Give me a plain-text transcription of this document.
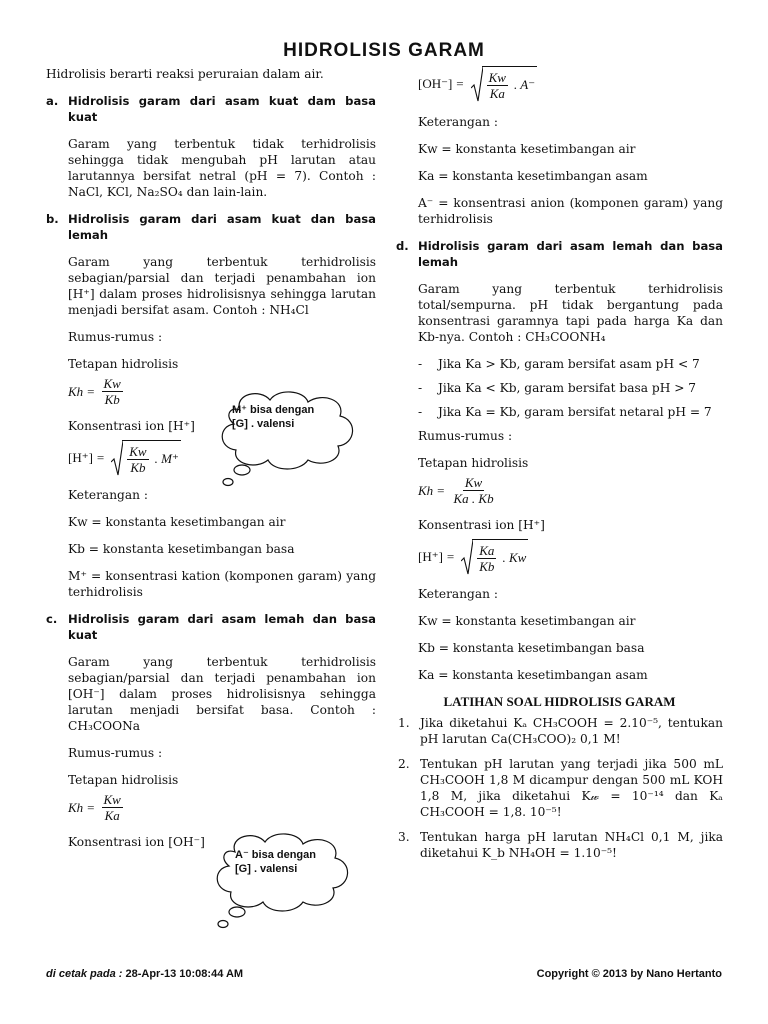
HIDROLISIS GARAM

Hidrolisis berarti reaksi peruraian dalam air.

a. Hidrolisis garam dari asam kuat dam basa kuat

Garam yang terbentuk tidak terhidrolisis sehingga tidak mengubah pH larutan atau larutannya bersifat netral (pH = 7). Contoh : NaCl, KCl, Na₂SO₄ dan lain-lain.

b. Hidrolisis garam dari asam kuat dan basa lemah

Garam yang terbentuk terhidrolisis sebagian/parsial dan terjadi penambahan ion [H⁺] dalam proses hidrolisisnya sehingga larutan menjadi bersifat asam. Contoh : NH₄Cl

Rumus-rumus :

Tetapan hidrolisis

$Kh = \frac{Kw}{Kb}$

Konsentrasi ion [H⁺]

$[H^+] = \frac{Kw}{Kb}$ . M⁺

Keterangan :

Kw = konstanta kesetimbangan air

Kb = konstanta kesetimbangan basa

M⁺ = konsentrasi kation (komponen garam) yang terhidrolisis

c. Hidrolisis garam dari asam lemah dan basa kuat

Garam yang terbentuk terhidrolisis sebagian/parsial dan terjadi penambahan ion [OH⁻] dalam proses hidrolisisnya sehingga larutan menjadi bersifat basa. Contoh : CH₃COONa

Rumus-rumus :

Tetapan hidrolisis

$Kh = \frac{Kw}{Ka}$

Konsentrasi ion [OH⁻]

$[OH^-] = \frac{Kw}{Ka}$ . A⁻

Keterangan :

Kw = konstanta kesetimbangan air

Ka = konstanta kesetimbangan asam

A⁻ = konsentrasi anion (komponen garam) yang terhidrolisis

d. Hidrolisis garam dari asam lemah dan basa lemah

Garam yang terbentuk terhidrolisis total/sempurna. pH tidak bergantung pada konsentrasi garamnya tapi pada harga Ka dan Kb-nya. Contoh : CH₃COONH₄

-	Jika Ka > Kb, garam bersifat asam pH < 7
-	Jika Ka < Kb, garam bersifat basa pH > 7
-	Jika Ka = Kb, garam bersifat netaral pH = 7

Rumus-rumus :

Tetapan hidrolisis

$Kh = \frac{Kw}{Ka . Kb}$

Konsentrasi ion [H⁺]

$[H^+] = \frac{Ka}{Kb}$ . Kw

Keterangan :

Kw = konstanta kesetimbangan air

Kb = konstanta kesetimbangan basa

Ka = konstanta kesetimbangan asam

LATIHAN SOAL HIDROLISIS GARAM
1. Jika diketahui Kₐ CH₃COOH = 2.10⁻⁵, tentukan pH larutan Ca(CH₃COO)₂ 0,1 M!
2. Tentukan pH larutan yang terjadi jika 500 mL CH₃COOH 1,8 M dicampur dengan 500 mL KOH 1,8 M, jika diketahui K𝓌 = 10⁻¹⁴ dan Kₐ CH₃COOH = 1,8. 10⁻⁵!
3. Tentukan harga pH larutan NH₄Cl 0,1 M, jika diketahui K_b NH₄OH = 1.10⁻⁵!
M⁺ bisa dengan
[G] . valensi
A⁻ bisa dengan
[G] . valensi
di cetak pada : 28-Apr-13 10:08:44 AM	Copyright © 2013 by Nano Hertanto
